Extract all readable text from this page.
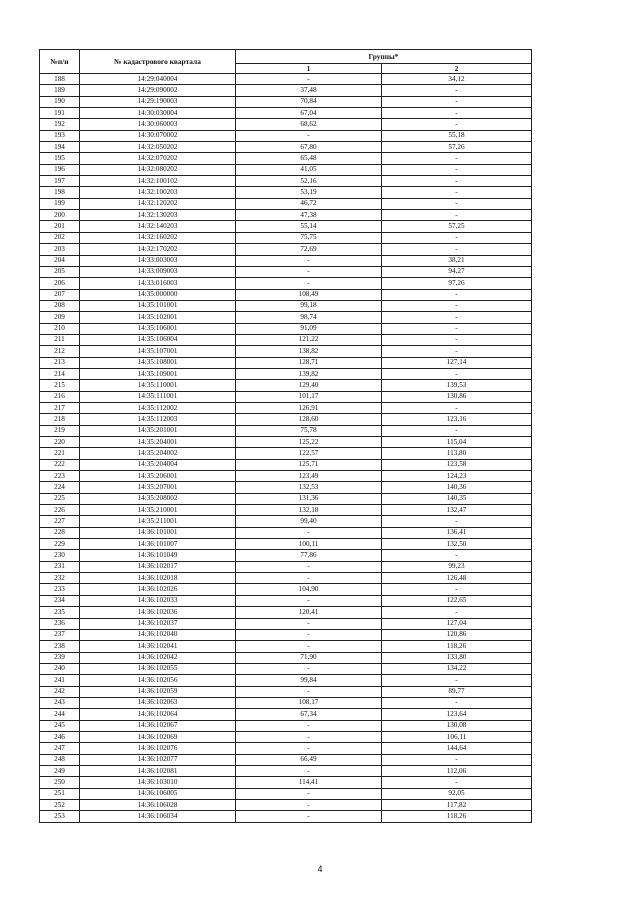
№п/н	№ кадастрового квартала	Группы*	
		1	2
188	14:29:040004	-	34,12
189	14:29:090002	37,48	-
190	14:29:190003	70,84	-
191	14:30:030004	67,04	-
192	14:30:060003	68,62	-
193	14:30:070002	-	55,18
194	14:32:050202	67,80	57,26
195	14:32:070202	65,48	-
196	14:32:080202	41,05	-
197	14:32:100102	52,16	-
198	14:32:100203	53,19	-
199	14:32:120202	46,72	-
200	14:32:130203	47,38	-
201	14:32:140203	55,14	57,25
202	14:32:160202	75,75	-
203	14:32:170202	72,69	-
204	14:33:003003	-	38,21
205	14:33:009003	-	94,27
206	14:33:016003	-	97,26
207	14:35:000000	108,49	-
208	14:35:101001	99,18	-
209	14:35:102001	98,74	-
210	14:35:106001	91,09	-
211	14:35:106004	121,22	-
212	14:35:107001	138,82	-
213	14:35:108001	128,71	127,14
214	14:35:109001	139,82	-
215	14:35:110001	129,40	139,53
216	14:35:111001	101,17	130,86
217	14:35:112002	126,91	-
218	14:35:112003	128,60	123,16
219	14:35:201001	75,78	-
220	14:35:204001	125,22	115,04
221	14:35:204002	122,57	113,80
222	14:35:204004	125,71	123,58
223	14:35:206001	123,49	124,23
224	14:35:207001	132,53	140,36
225	14:35:208002	131,36	140,35
226	14:35:210001	132,18	132,47
227	14:35:211001	99,40	-
228	14:36:101001	-	136,41
229	14:36:101007	100,11	132,50
230	14:36:101049	77,86	-
231	14:36:102017	-	99,23
232	14:36:102018	-	126,48
233	14:36:102026	104,90	-
234	14:36:102033	-	122,65
235	14:36:102036	120,41	-
236	14:36:102037	-	127,04
237	14:36:102040	-	120,86
238	14:36:102041	-	118,26
239	14:36:102042	71,90	133,80
240	14:36:102055	-	134,22
241	14:36:102056	99,84	-
242	14:36:102059	-	89,77
243	14:36:102063	108,17	-
244	14:36:102064	67,34	123,64
245	14:36:102067	-	130,08
246	14:36:102069	-	106,11
247	14:36:102076	-	144,64
248	14:36:102077	66,49	-
249	14:36:102081	-	112,06
250	14:36:103010	114,41	-
251	14:36:106005	-	92,05
252	14:36:106028	-	117,82
253	14:36:106034	-	118,26
4
